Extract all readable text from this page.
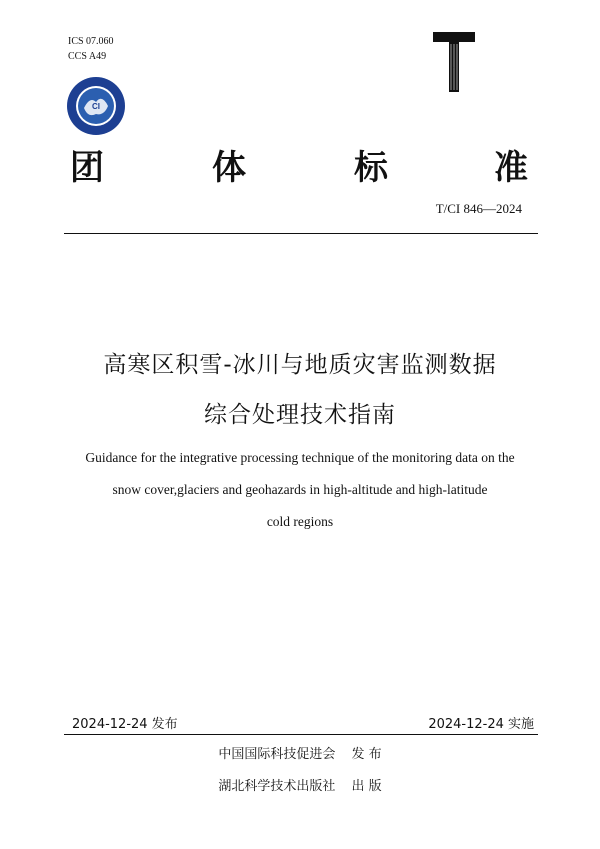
ICS 07.060
CCS A49
CI
T
团	体	标	准
T/CI 846—2024
高寒区积雪-冰川与地质灾害监测数据
综合处理技术指南
Guidance for the integrative processing technique of the monitoring data on the
snow cover,glaciers and geohazards in high-altitude and high-latitude
cold regions
2024-12-24 发布	2024-12-24 实施
中国国际科技促进会 发 布
湖北科学技术出版社 出 版
